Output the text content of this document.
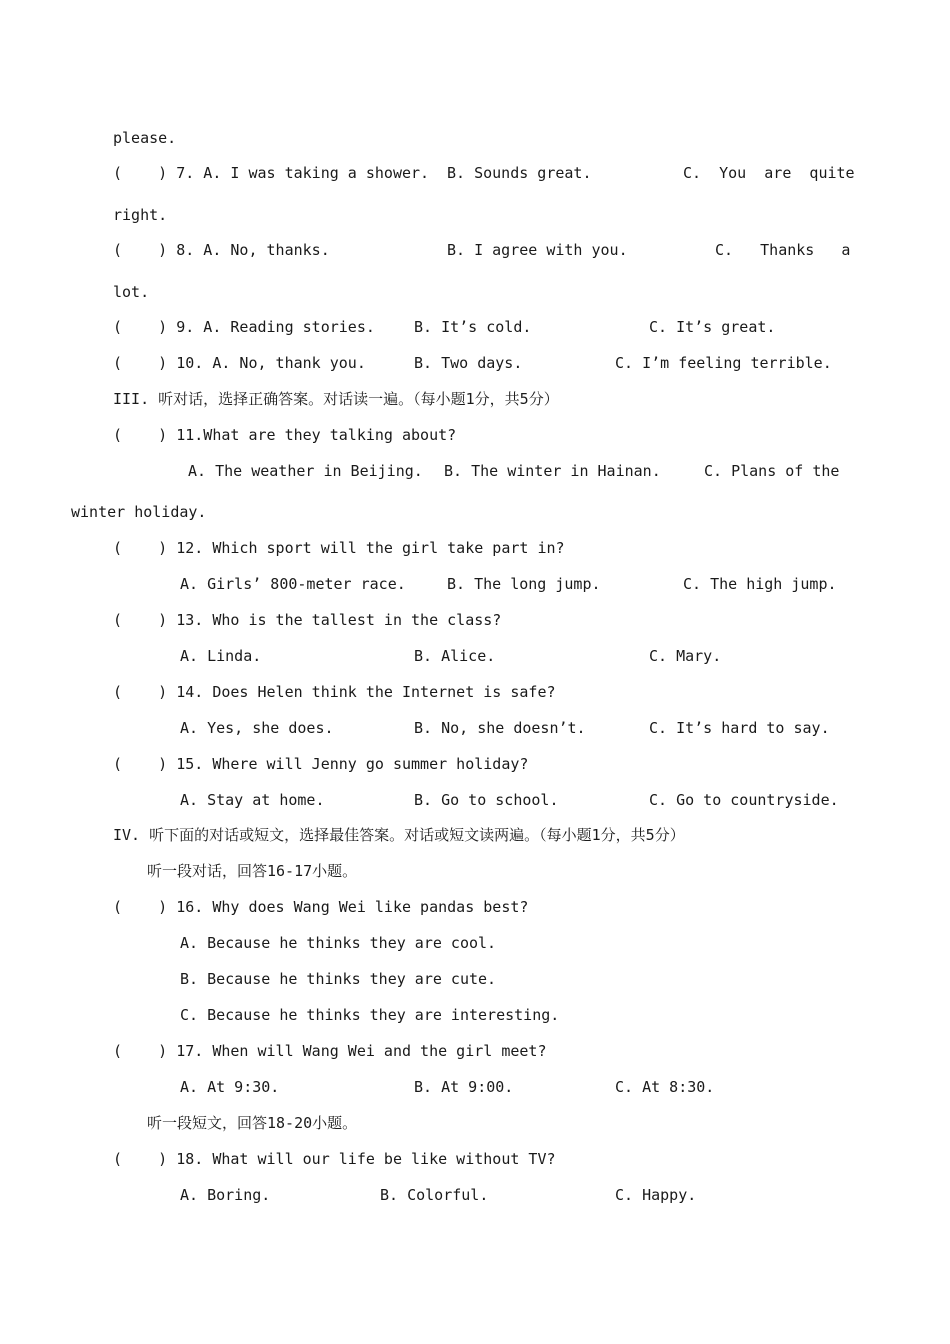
please.
(    ) 7. A. I was taking a shower. B. Sounds great.	C.  You  are  quite
right.
(    ) 8. A. No, thanks.	B. I agree with you.	C.   Thanks   a
lot.
(    ) 9. A. Reading stories.	B. It’s cold.	C. It’s great.
(    ) 10. A. No, thank you.	B. Two days.	C. I’m feeling terrible.
III. 听对话，选择正确答案。对话读一遍。（每小题1分，共5分）
(    ) 11.What are they talking about?
A. The weather in Beijing. B. The winter in Hainan.	C. Plans of the
winter holiday.
(    ) 12. Which sport will the girl take part in?
A. Girls’ 800-meter race.	B. The long jump.	C. The high jump.
(    ) 13. Who is the tallest in the class?
A. Linda.	B. Alice.	C. Mary.
(    ) 14. Does Helen think the Internet is safe?
A. Yes, she does.	B. No, she doesn’t.	C. It’s hard to say.
(    ) 15. Where will Jenny go summer holiday?
A. Stay at home.	B. Go to school.	C. Go to countryside.
IV. 听下面的对话或短文，选择最佳答案。对话或短文读两遍。（每小题1分，共5分）
听一段对话，回答16-17小题。
(    ) 16. Why does Wang Wei like pandas best?
A. Because he thinks they are cool.
B. Because he thinks they are cute.
C. Because he thinks they are interesting.
(    ) 17. When will Wang Wei and the girl meet?
A. At 9:30.	B. At 9:00.	C. At 8:30.
听一段短文，回答18-20小题。
(    ) 18. What will our life be like without TV?
A. Boring.	B. Colorful.	C. Happy.
